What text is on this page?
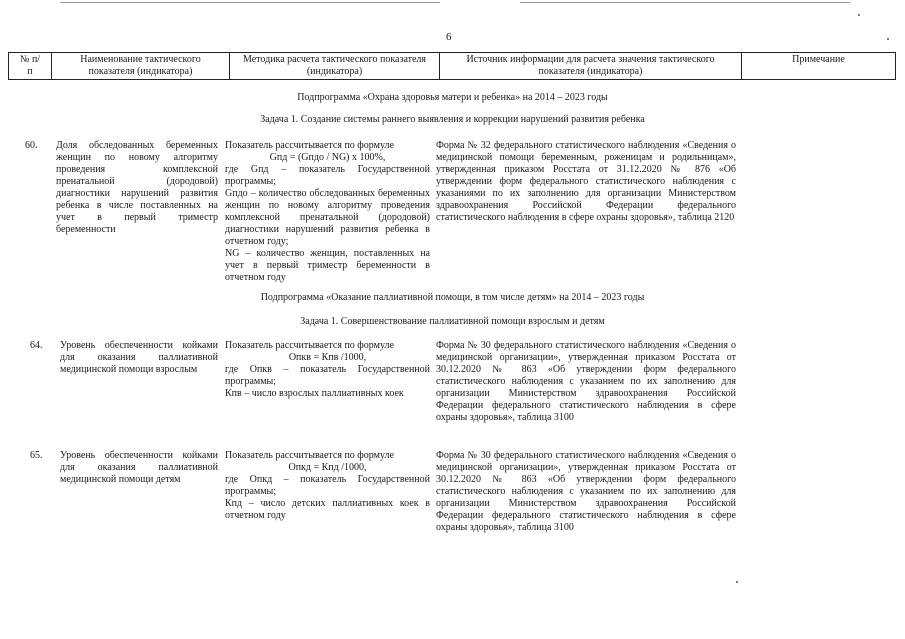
6
№ п/п
Наименование тактического показателя (индикатора)
Методика расчета тактического показателя (индикатора)
Источник информации для расчета значения тактического показателя (индикатора)
Примечание
Подпрограмма «Охрана здоровья матери и ребенка» на 2014 – 2023 годы
Задача 1. Создание системы раннего выявления и коррекции нарушений развития ребенка
60. Доля обследованных беременных женщин по новому алгоритму проведения комплексной пренатальной (дородовой) диагностики нарушений развития ребенка в числе поставленных на учет в первый триместр беременности
Показатель рассчитывается по формуле
Gпд = (Gпдо / NG) x 100%,
где Gпд – показатель Государственной программы;
Gпдо – количество обследованных беременных женщин по новому алгоритму проведения комплексной пренатальной (дородовой) диагностики нарушений развития ребенка в отчетном году;
NG – количество женщин, поставленных на учет в первый триместр беременности в отчетном году
Форма № 32 федерального статистического наблюдения «Сведения о медицинской помощи беременным, роженицам и родильницам», утвержденная приказом Росстата от 31.12.2020 № 876 «Об утверждении форм федерального статистического наблюдения с указаниями по их заполнению для организации Министерством здравоохранения Российской Федерации федерального статистического наблюдения в сфере охраны здоровья», таблица 2120
Подпрограмма «Оказание паллиативной помощи, в том числе детям» на 2014 – 2023 годы
Задача 1. Совершенствование паллиативной помощи взрослым и детям
64. Уровень обеспеченности койками для оказания паллиативной медицинской помощи взрослым
Показатель рассчитывается по формуле
Опкв = Кпв /1000,
где Опкв – показатель Государственной программы;
Кпв – число взрослых паллиативных коек
Форма № 30 федерального статистического наблюдения «Сведения о медицинской организации», утвержденная приказом Росстата от 30.12.2020 № 863 «Об утверждении форм федерального статистического наблюдения с указанием по их заполнению для организации Министерством здравоохранения Российской Федерации федерального статистического наблюдения в сфере охраны здоровья», таблица 3100
65. Уровень обеспеченности койками для оказания паллиативной медицинской помощи детям
Показатель рассчитывается по формуле
Опкд = Кпд /1000,
где Опкд – показатель Государственной программы;
Кпд – число детских паллиативных коек в отчетном году
Форма № 30 федерального статистического наблюдения «Сведения о медицинской организации», утвержденная приказом Росстата от 30.12.2020 № 863 «Об утверждении форм федерального статистического наблюдения с указанием по их заполнению для организации Министерством здравоохранения Российской Федерации федерального статистического наблюдения в сфере охраны здоровья», таблица 3100
